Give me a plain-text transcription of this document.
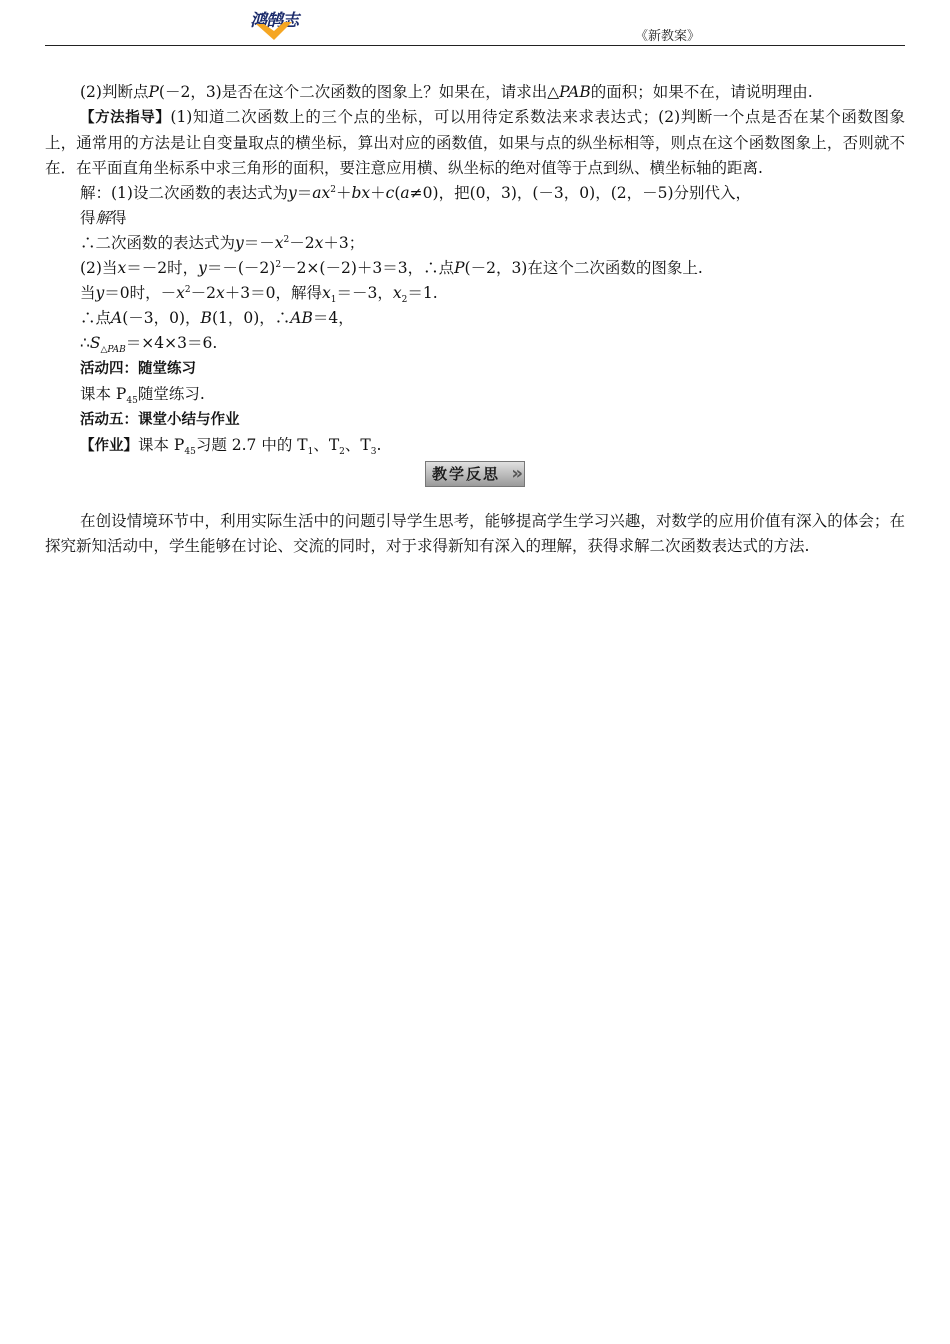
鸿鹄志
《新教案》

(2)判断点P(－2，3)是否在这个二次函数的图象上？如果在，请求出△PAB的面积；如果不在，请说明理由.

【方法指导】(1)知道二次函数上的三个点的坐标，可以用待定系数法来求表达式；(2)判断一个点是否在某个函数图象上，通常用的方法是让自变量取点的横坐标，算出对应的函数值，如果与点的纵坐标相等，则点在这个函数图象上，否则就不在．在平面直角坐标系中求三角形的面积，要注意应用横、纵坐标的绝对值等于点到纵、横坐标轴的距离.

解：(1)设二次函数的表达式为$y=ax^2+bx+c(a\ne 0)$，把(0，3)，(－3，0)，(2，－5)分别代入，

得解得

∴二次函数的表达式为$y=-x^2-2x+3$；

(2)当x＝－2时，$y=-(-2)^2-2\times(-2)+3=3$，∴点P(－2，3)在这个二次函数的图象上.

当y＝0时，$-x^2-2x+3=0$，解得$x_1=-3$，$x_2=1$.

∴点A(－3，0)，B(1，0)，∴AB＝4，

$\therefore S_{\triangle PAB}=\times 4\times 3=6$.

活动四：随堂练习

课本 $P_{45}$随堂练习.

活动五：课堂小结与作业

【作业】课本 $P_{45}$习题 2.7 中的 $T_1$、$T_2$、$T_3$.

教学反思 »

在创设情境环节中，利用实际生活中的问题引导学生思考，能够提高学生学习兴趣，对数学的应用价值有深入的体会；在探究新知活动中，学生能够在讨论、交流的同时，对于求得新知有深入的理解，获得求解二次函数表达式的方法.
